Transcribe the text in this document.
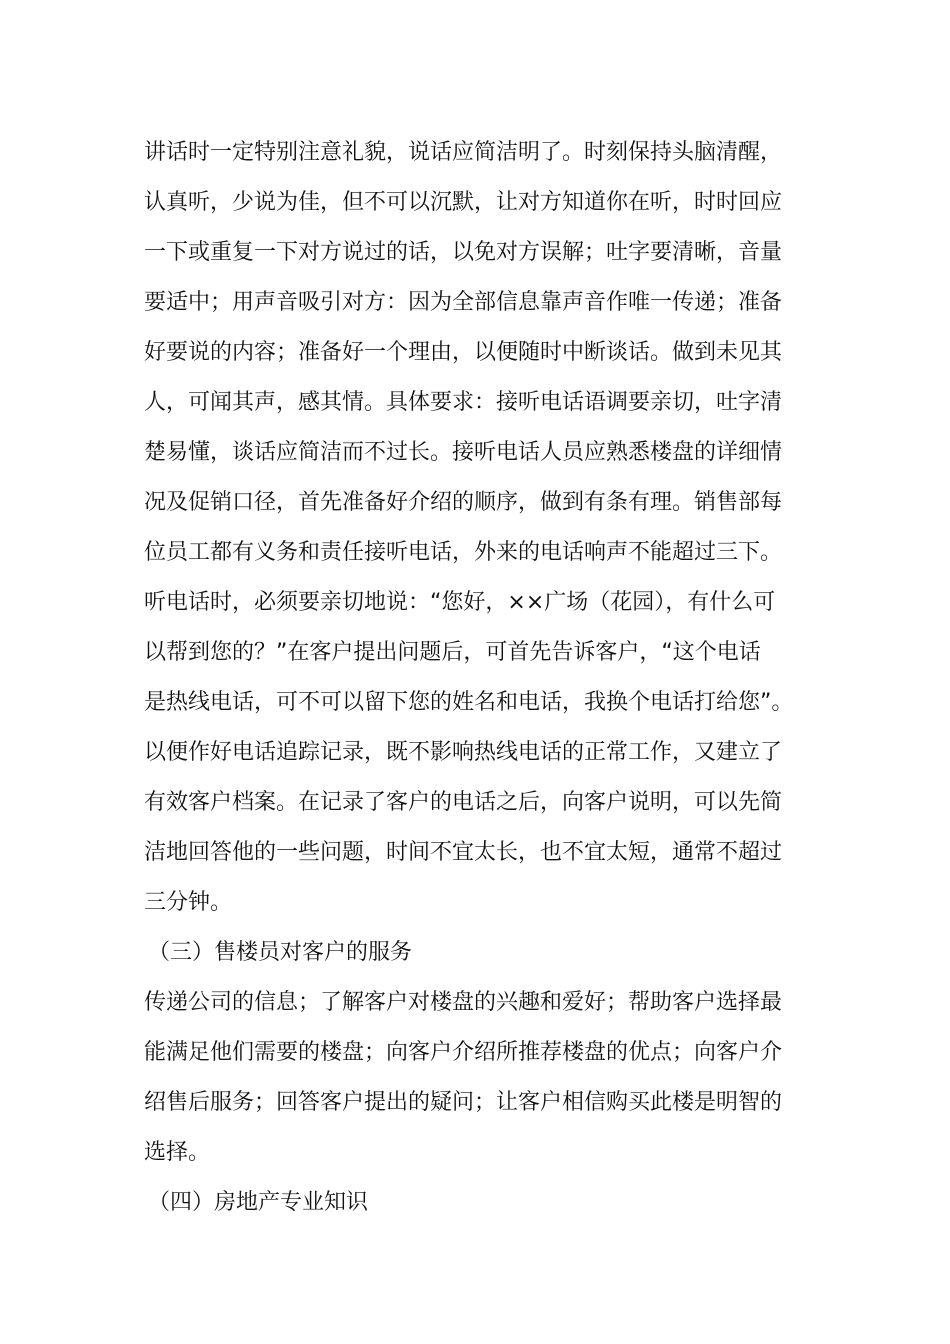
讲话时一定特别注意礼貌，说话应简洁明了。时刻保持头脑清醒，
认真听，少说为佳，但不可以沉默，让对方知道你在听，时时回应
一下或重复一下对方说过的话，以免对方误解；吐字要清晰，音量
要适中；用声音吸引对方：因为全部信息靠声音作唯一传递；准备
好要说的内容；准备好一个理由，以便随时中断谈话。做到未见其
人，可闻其声，感其情。具体要求：接听电话语调要亲切，吐字清
楚易懂，谈话应简洁而不过长。接听电话人员应熟悉楼盘的详细情
况及促销口径，首先准备好介绍的顺序，做到有条有理。销售部每
位员工都有义务和责任接听电话，外来的电话响声不能超过三下。
听电话时，必须要亲切地说：“您好，××广场（花园），有什么可
以帮到您的？”在客户提出问题后，可首先告诉客户，“这个电话
是热线电话，可不可以留下您的姓名和电话，我换个电话打给您”。
以便作好电话追踪记录，既不影响热线电话的正常工作，又建立了
有效客户档案。在记录了客户的电话之后，向客户说明，可以先简
洁地回答他的一些问题，时间不宜太长，也不宜太短，通常不超过
三分钟。
（三）售楼员对客户的服务
传递公司的信息；了解客户对楼盘的兴趣和爱好；帮助客户选择最
能满足他们需要的楼盘；向客户介绍所推荐楼盘的优点；向客户介
绍售后服务；回答客户提出的疑问；让客户相信购买此楼是明智的
选择。
（四）房地产专业知识
